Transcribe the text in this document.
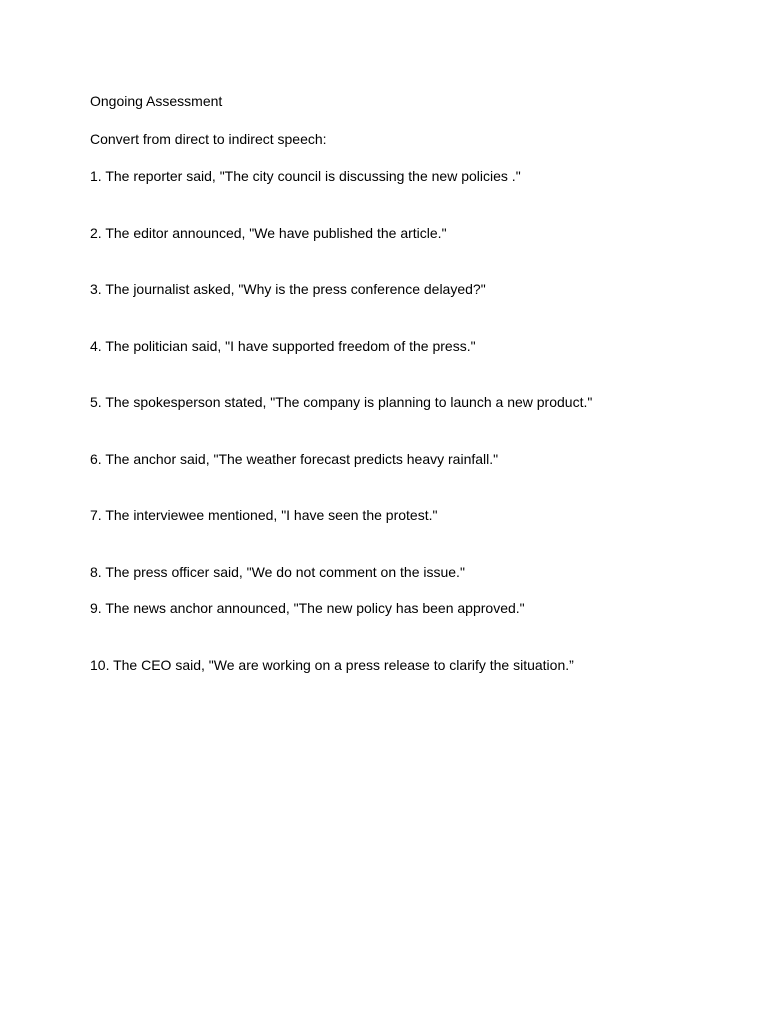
Ongoing Assessment
Convert from direct to indirect speech:
1. The reporter said, "The city council is discussing the new policies ."
2. The editor announced, "We have published the article."
3. The journalist asked, "Why is the press conference delayed?"
4. The politician said, "I have supported freedom of the press."
5. The spokesperson stated, "The company is planning to launch a new product."
6. The anchor said, "The weather forecast predicts heavy rainfall."
7. The interviewee mentioned, "I have seen the protest."
8. The press officer said, "We do not comment on the issue."
9. The news anchor announced, "The new policy has been approved."
10. The CEO said, "We are working on a press release to clarify the situation.”
